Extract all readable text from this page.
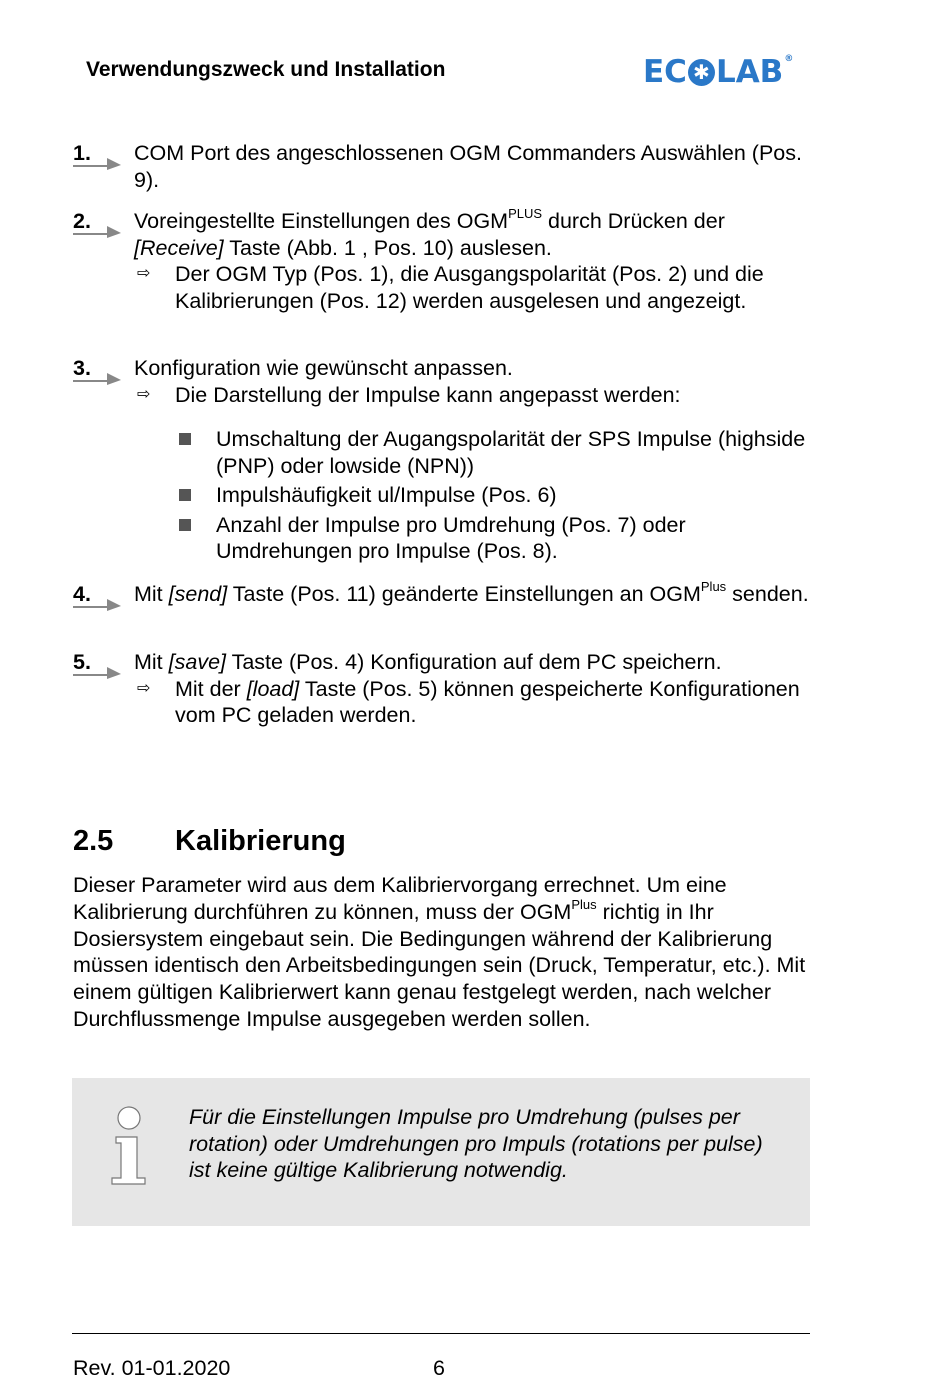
Verwendungszweck und Installation	EC ✱ LAB ®
1. COM Port des angeschlossenen OGM Commanders Auswählen (Pos. 9).
2. Voreingestellte Einstellungen des $OGM^{PLUS}$ durch Drücken der [Receive] Taste (Abb. 1 , Pos. 10) auslesen.
⇨ Der OGM Typ (Pos. 1), die Ausgangspolarität (Pos. 2) und die Kalibrierungen (Pos. 12) werden ausgelesen und angezeigt.
3. Konfiguration wie gewünscht anpassen.
⇨ Die Darstellung der Impulse kann angepasst werden:
Umschaltung der Augangspolarität der SPS Impulse (highside (PNP) oder lowside (NPN))
Impulshäufigkeit ul/Impulse (Pos. 6)
Anzahl der Impulse pro Umdrehung (Pos. 7) oder Umdrehungen pro Impulse (Pos. 8).
4. Mit [send] Taste (Pos. 11) geänderte Einstellungen an $OGM^{Plus}$ senden.
5. Mit [save] Taste (Pos. 4) Konfiguration auf dem PC speichern.
⇨ Mit der [load] Taste (Pos. 5) können gespeicherte Konfigurationen vom PC geladen werden.
2.5 Kalibrierung
Dieser Parameter wird aus dem Kalibriervorgang errechnet. Um eine Kalibrierung durchführen zu können, muss der $OGM^{Plus}$ richtig in Ihr Dosiersystem eingebaut sein. Die Bedingungen während der Kalibrierung müssen identisch den Arbeitsbedingungen sein (Druck, Temperatur, etc.). Mit einem gültigen Kalibrierwert kann genau festgelegt werden, nach welcher Durchflussmenge Impulse ausgegeben werden sollen.
Für die Einstellungen Impulse pro Umdrehung (pulses per rotation) oder Umdrehungen pro Impuls (rotations per pulse) ist keine gültige Kalibrierung notwendig.
Rev. 01-01.2020	6
